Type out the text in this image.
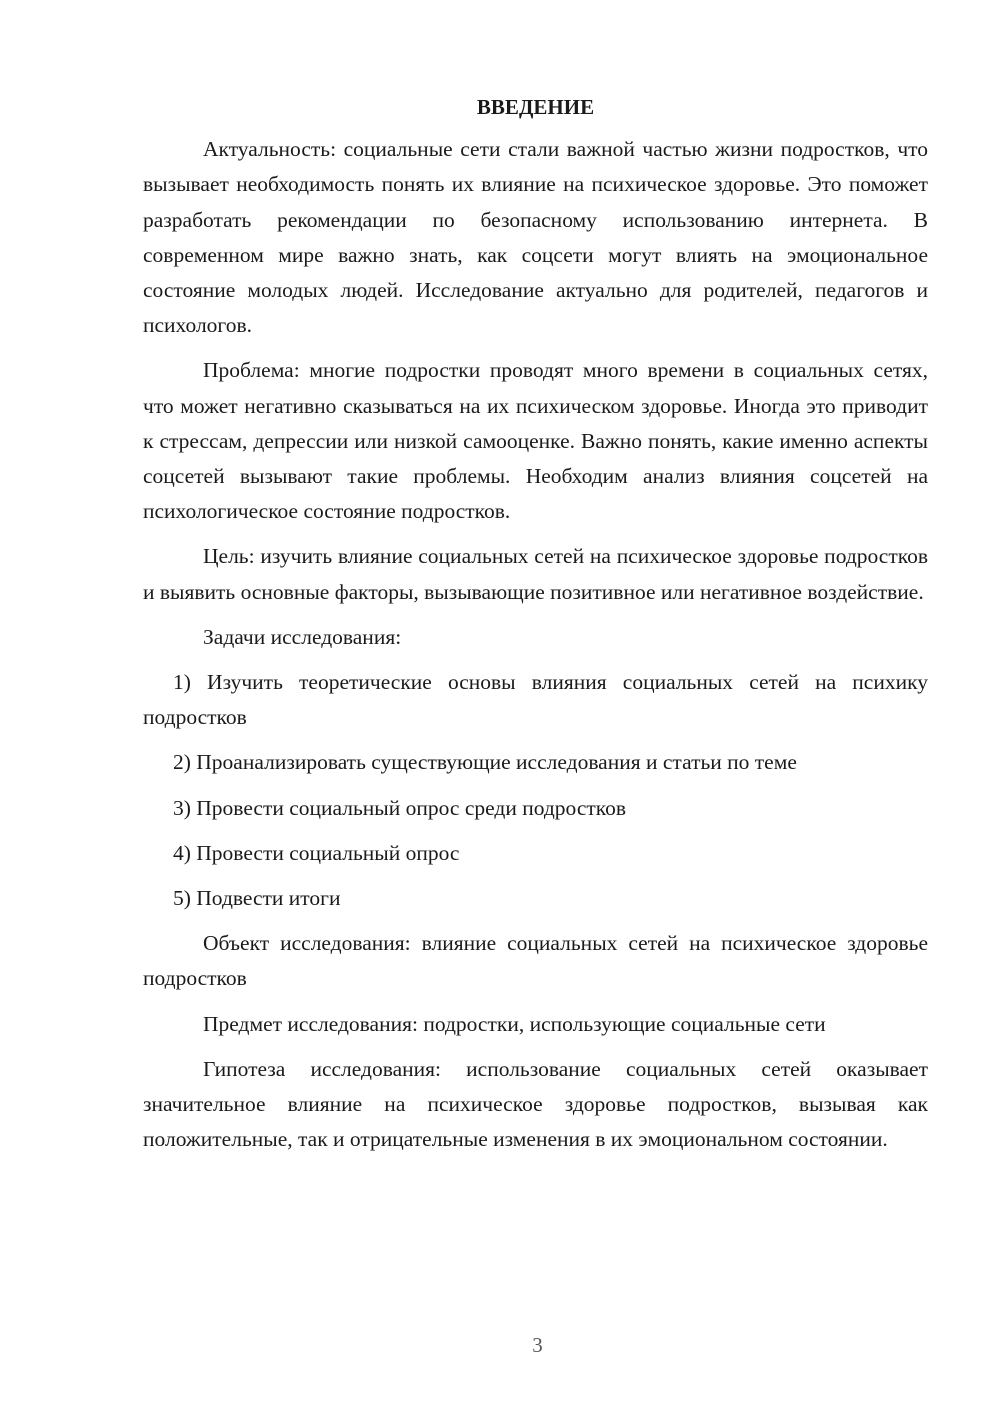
ВВЕДЕНИЕ

Актуальность: социальные сети стали важной частью жизни подростков, что вызывает необходимость понять их влияние на психическое здоровье. Это поможет разработать рекомендации по безопасному использованию интернета. В современном мире важно знать, как соцсети могут влиять на эмоциональное состояние молодых людей. Исследование актуально для родителей, педагогов и психологов.

Проблема: многие подростки проводят много времени в социальных сетях, что может негативно сказываться на их психическом здоровье. Иногда это приводит к стрессам, депрессии или низкой самооценке. Важно понять, какие именно аспекты соцсетей вызывают такие проблемы. Необходим анализ влияния соцсетей на психологическое состояние подростков.

Цель: изучить влияние социальных сетей на психическое здоровье подростков и выявить основные факторы, вызывающие позитивное или негативное воздействие.

Задачи исследования:

1) Изучить теоретические основы влияния социальных сетей на психику подростков

2) Проанализировать существующие исследования и статьи по теме

3) Провести социальный опрос среди подростков

4) Провести социальный опрос

5) Подвести итоги

Объект исследования: влияние социальных сетей на психическое здоровье подростков

Предмет исследования: подростки, использующие социальные сети

Гипотеза исследования: использование социальных сетей оказывает значительное влияние на психическое здоровье подростков, вызывая как положительные, так и отрицательные изменения в их эмоциональном состоянии.

3
